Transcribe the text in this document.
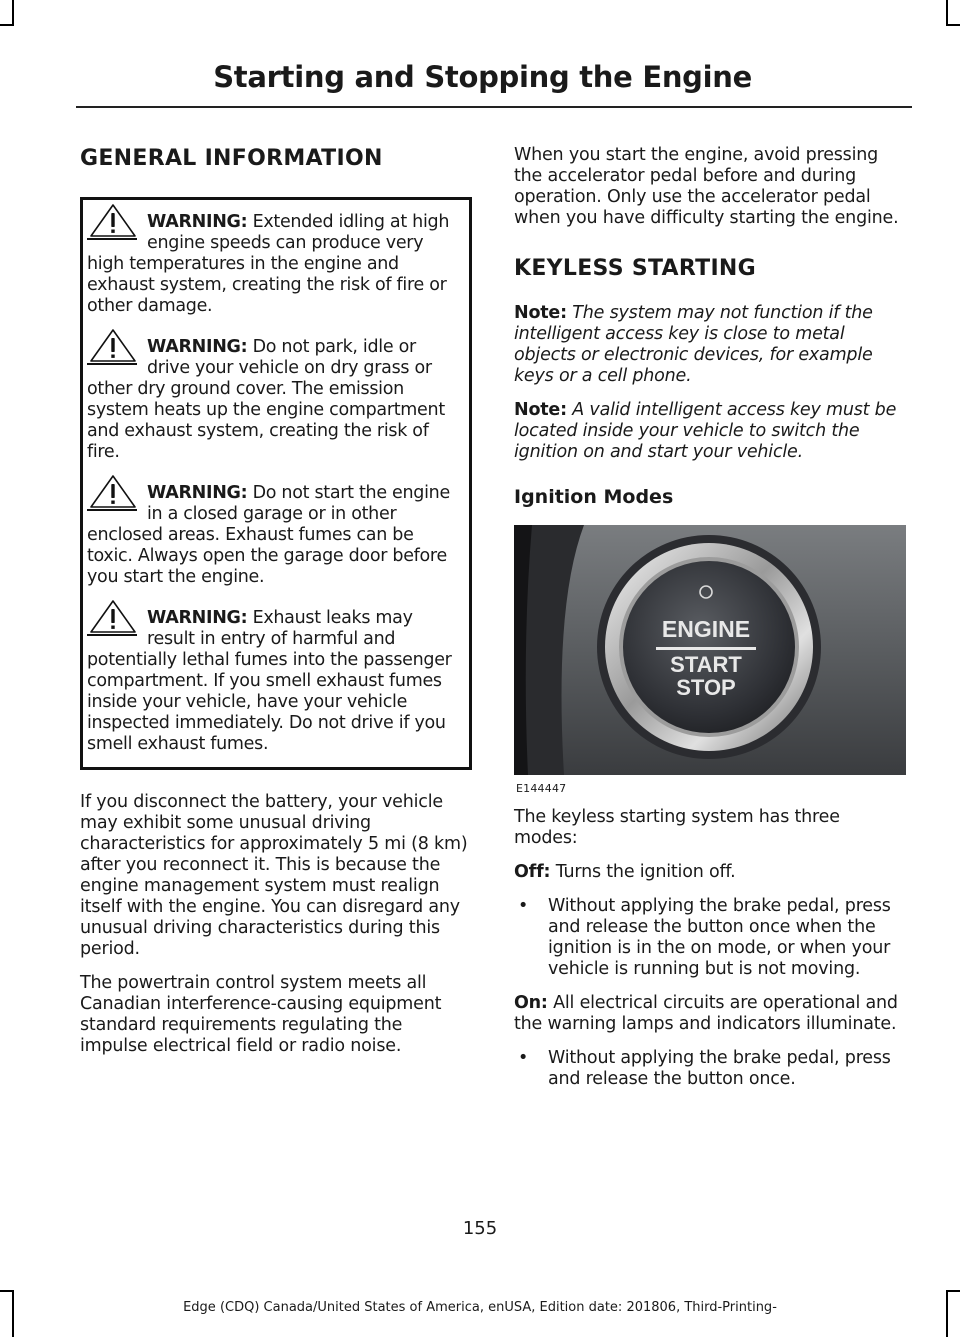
Starting and Stopping the Engine
GENERAL INFORMATION
WARNING: Extended idling at high engine speeds can produce very high temperatures in the engine and exhaust system, creating the risk of fire or other damage.
WARNING: Do not park, idle or drive your vehicle on dry grass or other dry ground cover. The emission system heats up the engine compartment and exhaust system, creating the risk of fire.
WARNING: Do not start the engine in a closed garage or in other enclosed areas. Exhaust fumes can be toxic. Always open the garage door before you start the engine.
WARNING: Exhaust leaks may result in entry of harmful and potentially lethal fumes into the passenger compartment. If you smell exhaust fumes inside your vehicle, have your vehicle inspected immediately. Do not drive if you smell exhaust fumes.

If you disconnect the battery, your vehicle may exhibit some unusual driving characteristics for approximately 5 mi (8 km) after you reconnect it. This is because the engine management system must realign itself with the engine. You can disregard any unusual driving characteristics during this period.

The powertrain control system meets all Canadian interference-causing equipment standard requirements regulating the impulse electrical field or radio noise.

When you start the engine, avoid pressing the accelerator pedal before and during operation. Only use the accelerator pedal when you have difficulty starting the engine.

KEYLESS STARTING

Note: The system may not function if the intelligent access key is close to metal objects or electronic devices, for example keys or a cell phone.

Note: A valid intelligent access key must be located inside your vehicle to switch the ignition on and start your vehicle.

Ignition Modes
ENGINE
START
STOP
E144447

The keyless starting system has three modes:

Off: Turns the ignition off.

• Without applying the brake pedal, press and release the button once when the ignition is in the on mode, or when your vehicle is running but is not moving.

On: All electrical circuits are operational and the warning lamps and indicators illuminate.

• Without applying the brake pedal, press and release the button once.

155
Edge (CDQ) Canada/United States of America, enUSA, Edition date: 201806, Third-Printing-
